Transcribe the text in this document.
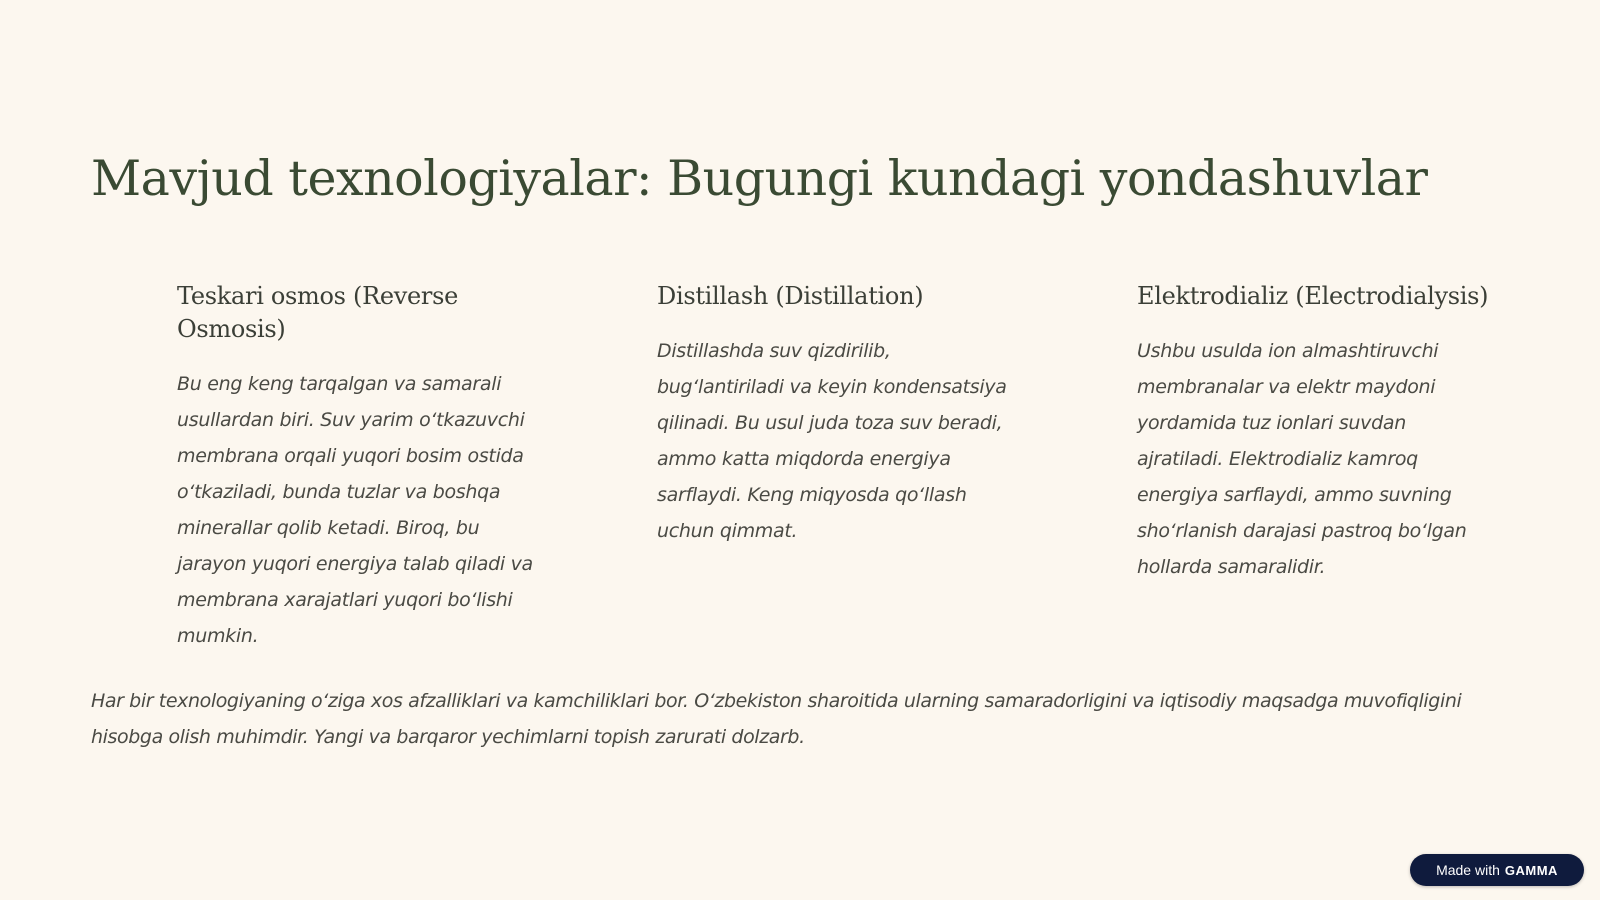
Mavjud texnologiyalar: Bugungi kundagi yondashuvlar
Teskari osmos (Reverse Osmosis)

Bu eng keng tarqalgan va samarali usullardan biri. Suv yarim o‘tkazuvchi membrana orqali yuqori bosim ostida o‘tkaziladi, bunda tuzlar va boshqa minerallar qolib ketadi. Biroq, bu jarayon yuqori energiya talab qiladi va membrana xarajatlari yuqori bo‘lishi mumkin.

Distillash (Distillation)

Distillashda suv qizdirilib, bug‘lantiriladi va keyin kondensatsiya qilinadi. Bu usul juda toza suv beradi, ammo katta miqdorda energiya sarflaydi. Keng miqyosda qo‘llash uchun qimmat.

Elektrodializ (Electrodialysis)

Ushbu usulda ion almashtiruvchi membranalar va elektr maydoni yordamida tuz ionlari suvdan ajratiladi. Elektrodializ kamroq energiya sarflaydi, ammo suvning sho‘rlanish darajasi pastroq bo‘lgan hollarda samaralidir.

Har bir texnologiyaning o‘ziga xos afzalliklari va kamchiliklari bor. O‘zbekiston sharoitida ularning samaradorligini va iqtisodiy maqsadga muvofiqligini hisobga olish muhimdir. Yangi va barqaror yechimlarni topish zarurati dolzarb.

Made with GAMMA
